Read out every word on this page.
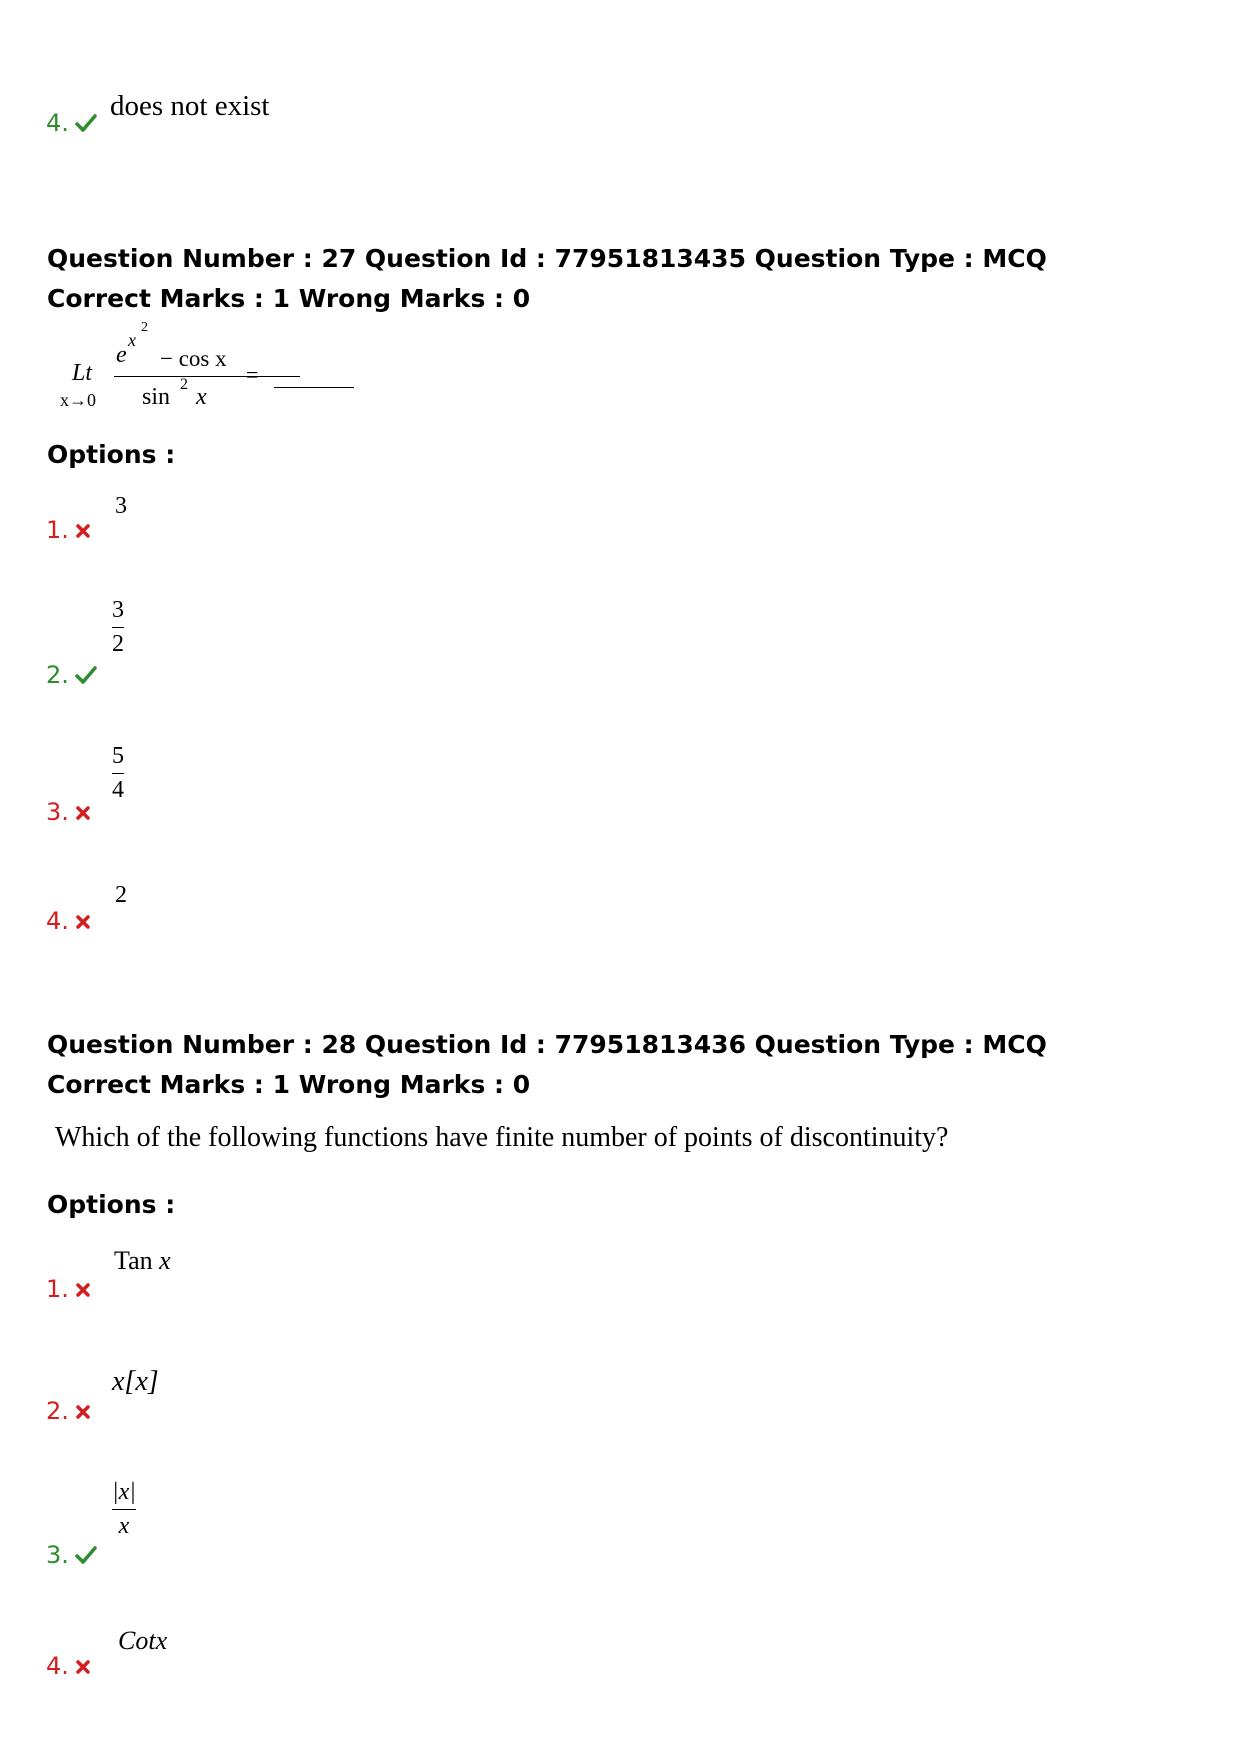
4.
does not exist
Question Number : 27 Question Id : 77951813435 Question Type : MCQ
Correct Marks : 1 Wrong Marks : 0
Lt
x→0
e
x
2
− cos x
sin 2 x
=
Options :
1.
3
2.
3
2
3.
5
4
4.
2
Question Number : 28 Question Id : 77951813436 Question Type : MCQ
Correct Marks : 1 Wrong Marks : 0
Which of the following functions have finite number of points of discontinuity?
Options :
1.
Tan x
2.
x[x]
3.
|x|
x
4.
Cotx
